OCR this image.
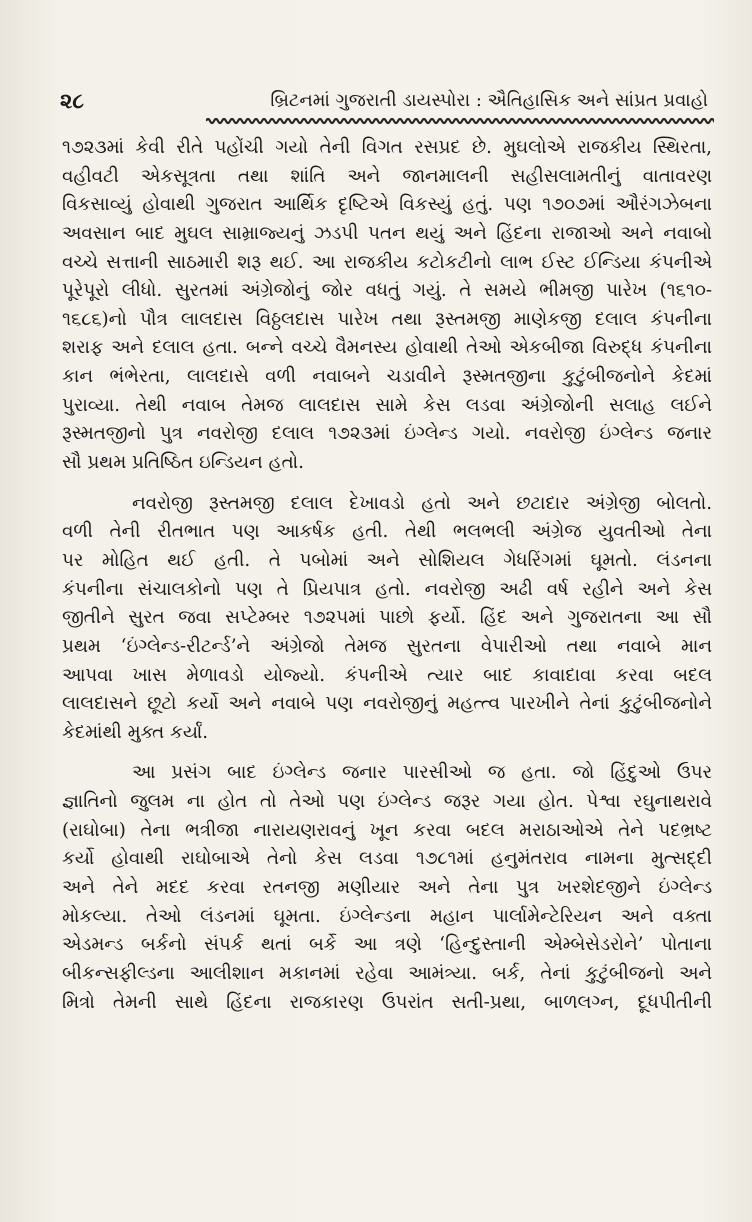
૨૮	બ્રિટનમાં ગુજરાતી ડાયસ્પોરા : ઐતિહાસિક અને સાંપ્રત પ્રવાહો
૧૭૨૩માં કેવી રીતે પહોંચી ગયો તેની વિગત રસપ્રદ છે. મુઘલોએ રાજકીય સ્થિરતા,
વહીવટી એકસૂત્રતા તથા શાંતિ અને જાનમાલની સહીસલામતીનું વાતાવરણ
વિકસાવ્યું હોવાથી ગુજરાત આર્થિક દૃષ્ટિએ વિકસ્યું હતું. પણ ૧૭૦૭માં ઔરંગઝેબના
અવસાન બાદ મુઘલ સામ્રાજ્યનું ઝડપી પતન થયું અને હિંદના રાજાઓ અને નવાબો
વચ્ચે સત્તાની સાઠમારી શરૂ થઈ. આ રાજકીય કટોકટીનો લાભ ઈસ્ટ ઈન્ડિયા કંપનીએ
પૂરેપૂરો લીધો. સુરતમાં અંગ્રેજોનું જોર વધતું ગયું. તે સમયે ભીમજી પારેખ (૧૬૧૦-
૧૬૮૬)નો પૌત્ર લાલદાસ વિઠ્ઠલદાસ પારેખ તથા રૂસ્તમજી માણેકજી દલાલ કંપનીના
શરાફ અને દલાલ હતા. બન્ને વચ્ચે વૈમનસ્ય હોવાથી તેઓ એકબીજા વિરુદ્ધ કંપનીના
કાન ભંભેરતા, લાલદાસે વળી નવાબને ચડાવીને રૂસ્મતજીના કુટુંબીજનોને કેદમાં
પુરાવ્યા. તેથી નવાબ તેમજ લાલદાસ સામે કેસ લડવા અંગ્રેજોની સલાહ લઈને
રૂસ્મતજીનો પુત્ર નવરોજી દલાલ ૧૭૨૩માં ઇંગ્લેન્ડ ગયો. નવરોજી ઇંગ્લેન્ડ જનાર
સૌ પ્રથમ પ્રતિષ્ઠિત ઇન્ડિયન હતો.
નવરોજી રૂસ્તમજી દલાલ દેખાવડો હતો અને છટાદાર અંગ્રેજી બોલતો.
વળી તેની રીતભાત પણ આકર્ષક હતી. તેથી ભલભલી અંગ્રેજ યુવતીઓ તેના
પર મોહિત થઈ હતી. તે પબોમાં અને સોશિયલ ગેધરિંગમાં ઘૂમતો. લંડનના
કંપનીના સંચાલકોનો પણ તે પ્રિયપાત્ર હતો. નવરોજી અઢી વર્ષ રહીને અને કેસ
જીતીને સુરત જવા સપ્ટેમ્બર ૧૭૨૫માં પાછો ફર્યો. હિંદ અને ગુજરાતના આ સૌ
પ્રથમ ‘ઇંગ્લેન્ડ-રીટર્ન્ડ’ને અંગ્રેજો તેમજ સુરતના વેપારીઓ તથા નવાબે માન
આપવા ખાસ મેળાવડો યોજ્યો. કંપનીએ ત્યાર બાદ કાવાદાવા કરવા બદલ
લાલદાસને છૂટો કર્યો અને નવાબે પણ નવરોજીનું મહત્ત્વ પારખીને તેનાં કુટુંબીજનોને
કેદમાંથી મુક્ત કર્યાં.
આ પ્રસંગ બાદ ઇંગ્લેન્ડ જનાર પારસીઓ જ હતા. જો હિંદુઓ ઉપર
જ્ઞાતિનો જુલમ ના હોત તો તેઓ પણ ઇંગ્લેન્ડ જરૂર ગયા હોત. પેશ્વા રઘુનાથરાવે
(રાઘોબા) તેના ભત્રીજા નારાયણરાવનું ખૂન કરવા બદલ મરાઠાઓએ તેને પદભ્રષ્ટ
કર્યો હોવાથી રાઘોબાએ તેનો કેસ લડવા ૧૭૮૧માં હનુમંતરાવ નામના મુત્સદ્દી
અને તેને મદદ કરવા રતનજી મણીયાર અને તેના પુત્ર ખરશેદજીને ઇંગ્લેન્ડ
મોકલ્યા. તેઓ લંડનમાં ઘૂમતા. ઇંગ્લેન્ડના મહાન પાર્લામેન્ટેરિયન અને વક્તા
એડમન્ડ બર્કનો સંપર્ક થતાં બર્કે આ ત્રણે ‘હિન્દુસ્તાની એમ્બેસેડરોને’ પોતાના
બીકન્સફીલ્ડના આલીશાન મકાનમાં રહેવા આમંત્ર્યા. બર્ક, તેનાં કુટુંબીજનો અને
મિત્રો તેમની સાથે હિંદના રાજકારણ ઉપરાંત સતી-પ્રથા, બાળલગ્ન, દૂધપીતીની
